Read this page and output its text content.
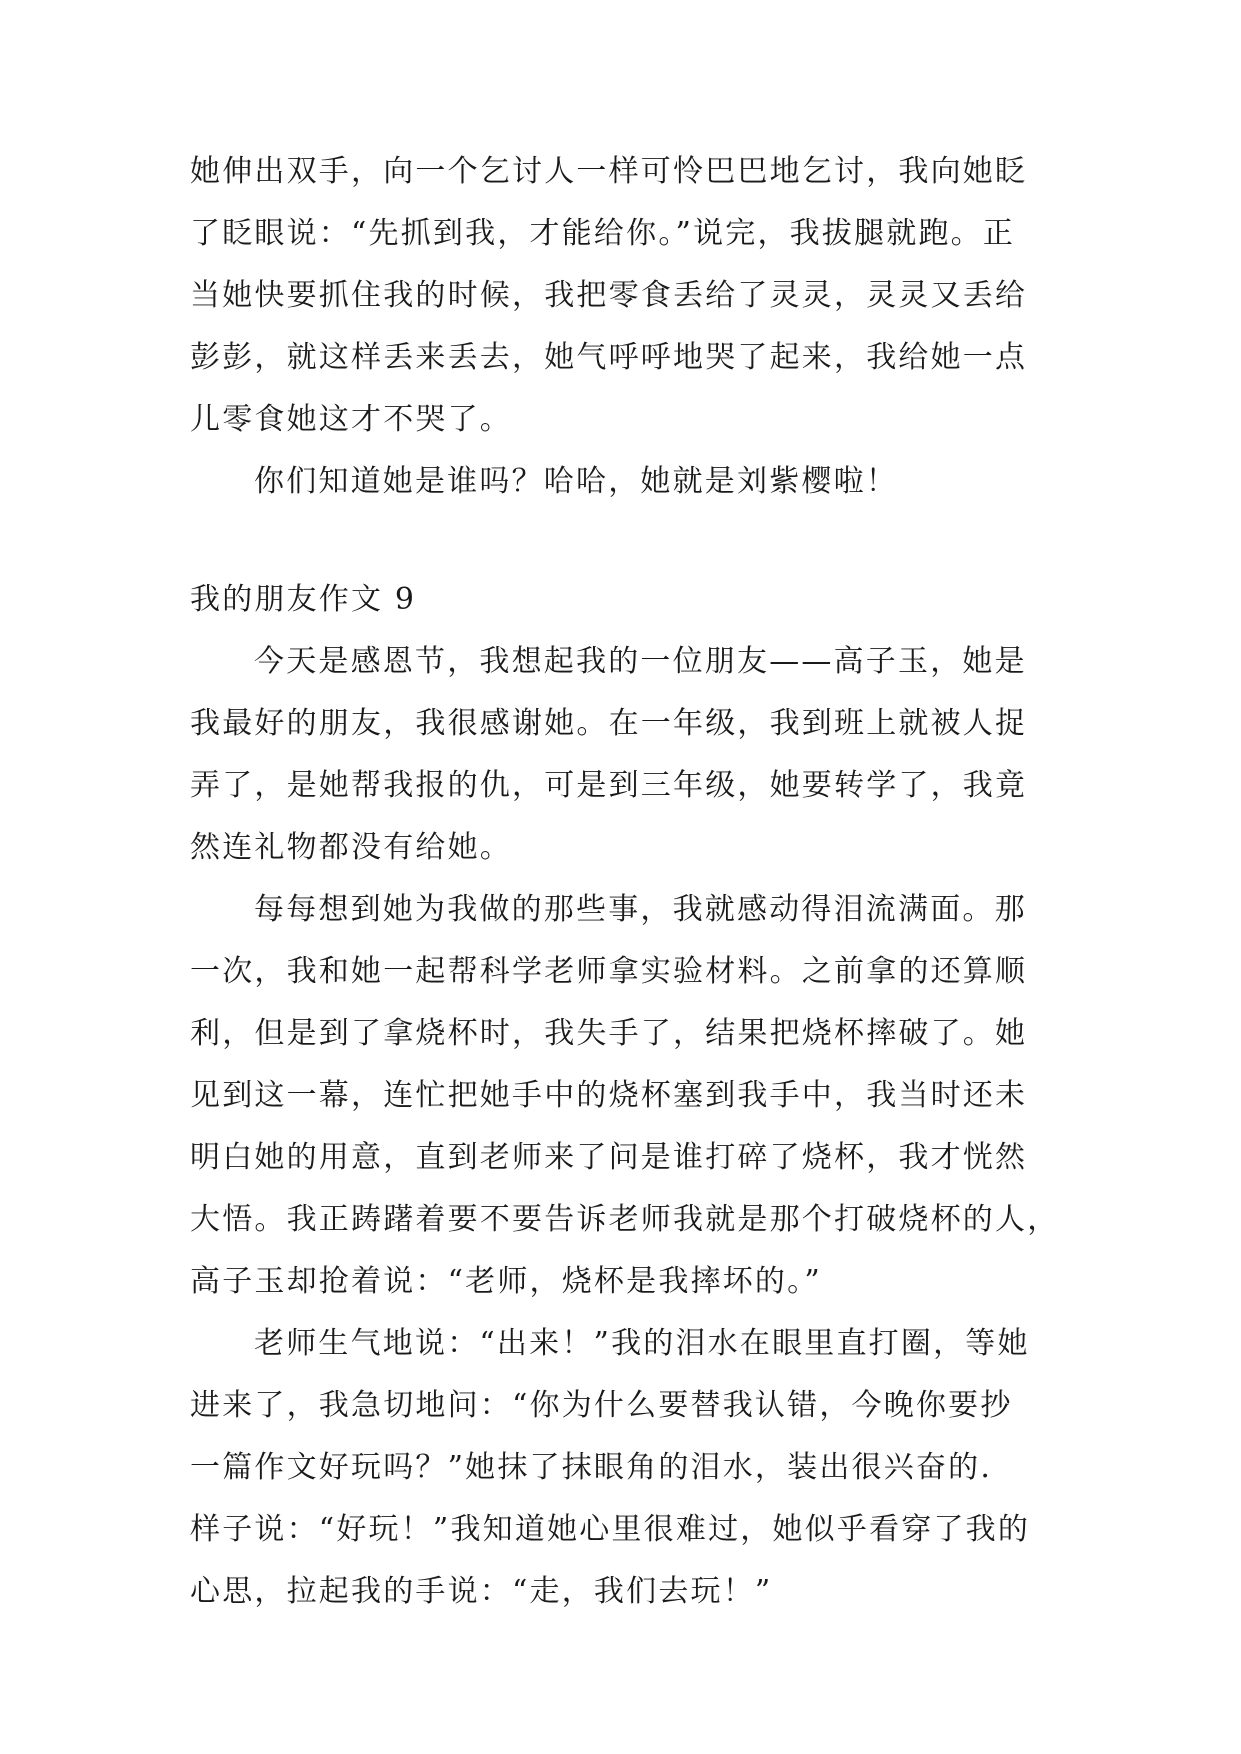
她伸出双手，向一个乞讨人一样可怜巴巴地乞讨，我向她眨
了眨眼说：“先抓到我，才能给你。”说完，我拔腿就跑。正
当她快要抓住我的时候，我把零食丢给了灵灵，灵灵又丢给
彭彭，就这样丢来丢去，她气呼呼地哭了起来，我给她一点
儿零食她这才不哭了。
你们知道她是谁吗？哈哈，她就是刘紫樱啦！
我的朋友作文 9
今天是感恩节，我想起我的一位朋友——高子玉，她是
我最好的朋友，我很感谢她。在一年级，我到班上就被人捉
弄了，是她帮我报的仇，可是到三年级，她要转学了，我竟
然连礼物都没有给她。
每每想到她为我做的那些事，我就感动得泪流满面。那
一次，我和她一起帮科学老师拿实验材料。之前拿的还算顺
利，但是到了拿烧杯时，我失手了，结果把烧杯摔破了。她
见到这一幕，连忙把她手中的烧杯塞到我手中，我当时还未
明白她的用意，直到老师来了问是谁打碎了烧杯，我才恍然
大悟。我正踌躇着要不要告诉老师我就是那个打破烧杯的人，
高子玉却抢着说：“老师，烧杯是我摔坏的。”
老师生气地说：“出来！”我的泪水在眼里直打圈，等她
进来了，我急切地问：“你为什么要替我认错，今晚你要抄
一篇作文好玩吗？”她抹了抹眼角的泪水，装出很兴奋的.
样子说：“好玩！”我知道她心里很难过，她似乎看穿了我的
心思，拉起我的手说：“走，我们去玩！”
